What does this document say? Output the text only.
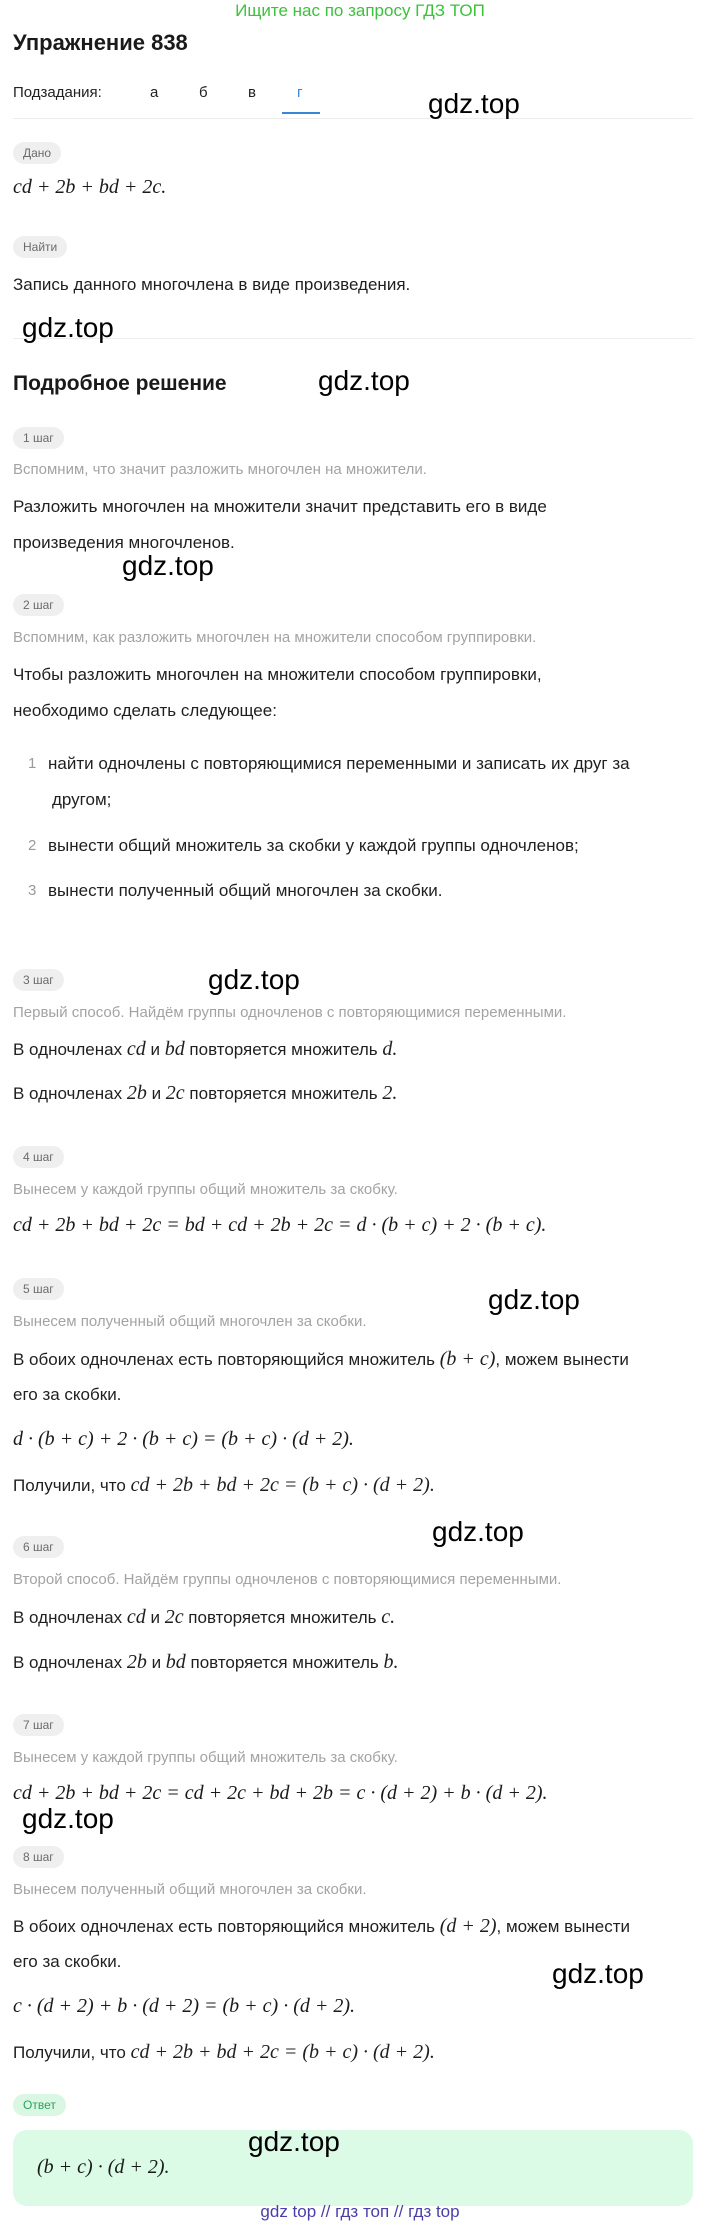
Ищите нас по запросу ГДЗ ТОП
Упражнение 838
Подзадания:	а	б	в	г
Дано
cd + 2b + bd + 2c.
Найти
Запись данного многочлена в виде произведения.
Подробное решение
1 шаг
Вспомним, что значит разложить многочлен на множители.
Разложить многочлен на множители значит представить его в виде
произведения многочленов.
2 шаг
Вспомним, как разложить многочлен на множители способом группировки.
Чтобы разложить многочлен на множители способом группировки,
необходимо сделать следующее:
1 найти одночлены с повторяющимися переменными и записать их друг за
другом;
2 вынести общий множитель за скобки у каждой группы одночленов;
3 вынести полученный общий многочлен за скобки.
3 шаг
Первый способ. Найдём группы одночленов с повторяющимися переменными.
В одночленах cd и bd повторяется множитель d.
В одночленах 2b и 2c повторяется множитель 2.
4 шаг
Вынесем у каждой группы общий множитель за скобку.
cd + 2b + bd + 2c = bd + cd + 2b + 2c = d · (b + c) + 2 · (b + c).
5 шаг
Вынесем полученный общий многочлен за скобки.
В обоих одночленах есть повторяющийся множитель (b + c), можем вынести
его за скобки.
d · (b + c) + 2 · (b + c) = (b + c) · (d + 2).
Получили, что cd + 2b + bd + 2c = (b + c) · (d + 2).
6 шаг
Второй способ. Найдём группы одночленов с повторяющимися переменными.
В одночленах cd и 2c повторяется множитель c.
В одночленах 2b и bd повторяется множитель b.
7 шаг
Вынесем у каждой группы общий множитель за скобку.
cd + 2b + bd + 2c = cd + 2c + bd + 2b = c · (d + 2) + b · (d + 2).
8 шаг
Вынесем полученный общий многочлен за скобки.
В обоих одночленах есть повторяющийся множитель (d + 2), можем вынести
его за скобки.
c · (d + 2) + b · (d + 2) = (b + c) · (d + 2).
Получили, что cd + 2b + bd + 2c = (b + c) · (d + 2).
Ответ
(b + c) · (d + 2).
gdz.top
gdz.top
gdz.top
gdz.top
gdz.top
gdz.top
gdz.top
gdz.top
gdz.top
gdz.top
gdz top // гдз топ // гдз top
